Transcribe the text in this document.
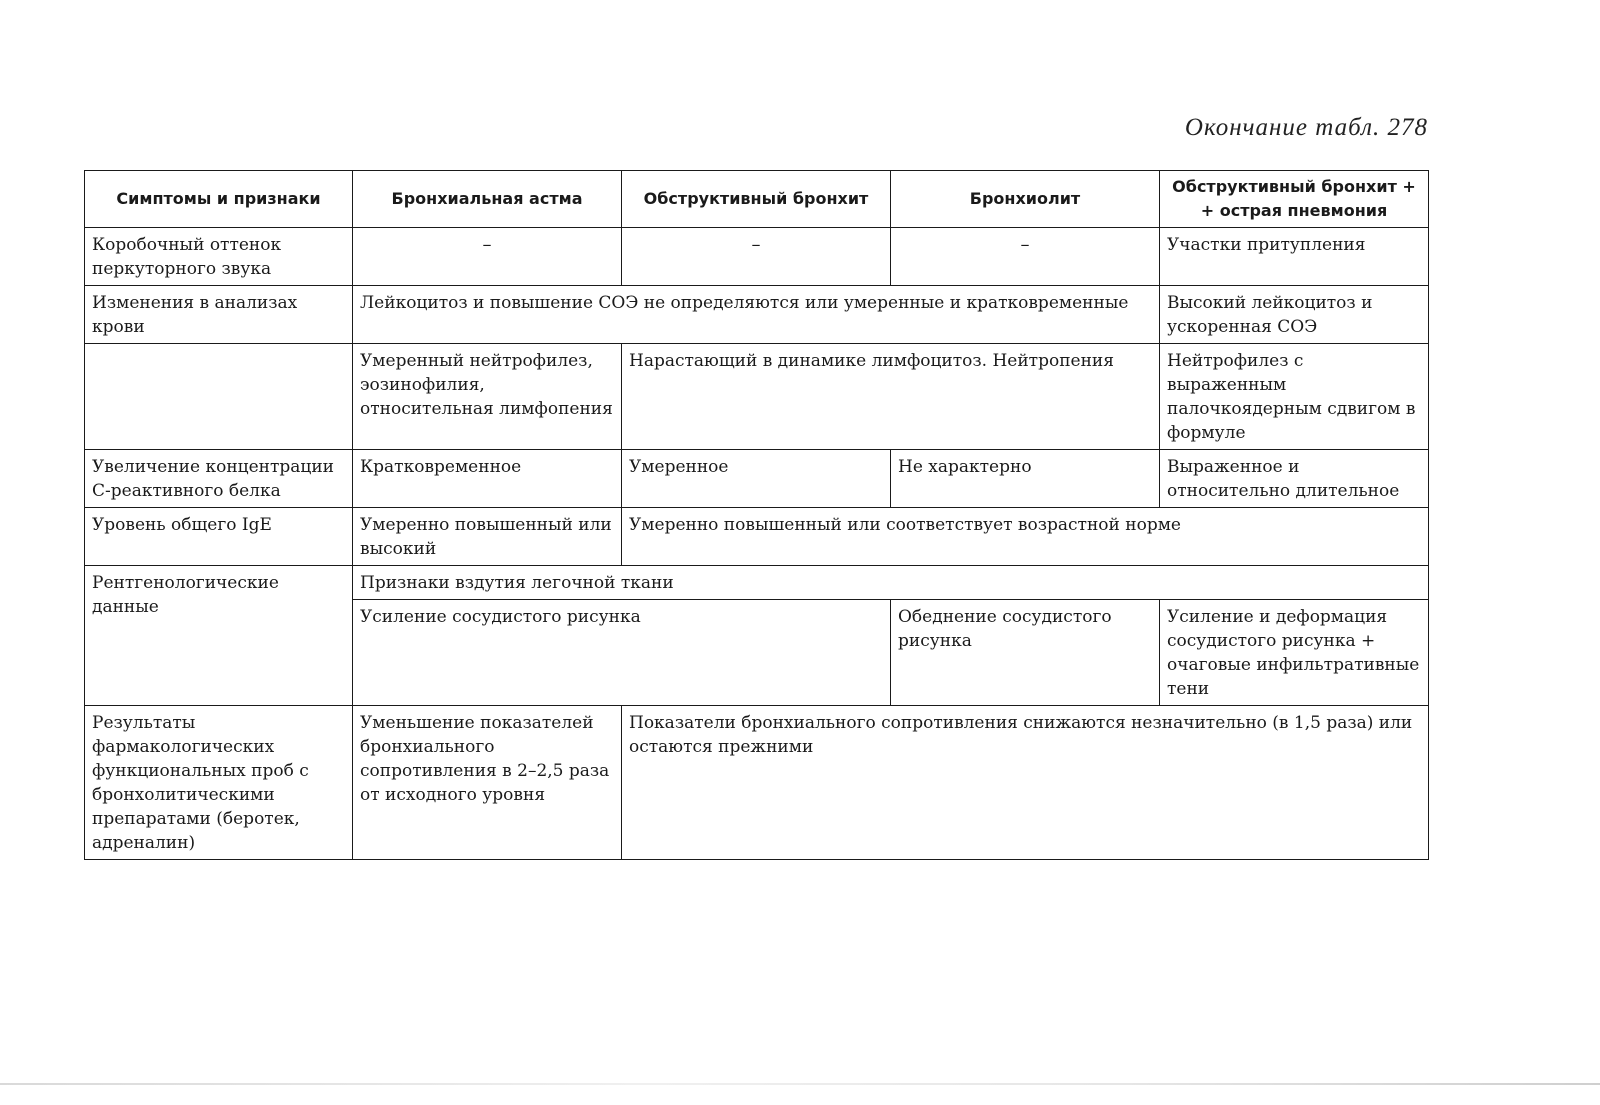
Окончание табл. 278
Симптомы и признаки	Бронхиальная астма	Обструктивный бронхит	Бронхиолит	Обструктивный бронхит + + острая пневмония
Коробочный оттенок перкуторного звука	–	–	–	Участки притупления
Изменения в анализах крови	Лейкоцитоз и повышение СОЭ не определяются или умеренные и кратковременные			Высокий лейкоцитоз и ускоренная СОЭ
	Умеренный нейтрофилез, эозинофилия, относительная лимфопения	Нарастающий в динамике лимфоцитоз. Нейтропения		Нейтрофилез с выраженным палочкоядерным сдвигом в формуле
Увеличение концентрации С-реактивного белка	Кратковременное	Умеренное	Не характерно	Выраженное и относительно длительное
Уровень общего IgE	Умеренно повышенный или высокий	Умеренно повышенный или соответствует возрастной норме		
Рентгенологические данные	Признаки вздутия легочной ткани			
	Усиление сосудистого рисунка		Обеднение сосудистого рисунка	Усиление и деформация сосудистого рисунка + очаговые инфильтративные тени
Результаты фармакологических функциональных проб с бронхолитическими препаратами (беротек, адреналин)	Уменьшение показателей бронхиального сопротивления в 2–2,5 раза от исходного уровня	Показатели бронхиального сопротивления снижаются незначительно (в 1,5 раза) или остаются прежними		
